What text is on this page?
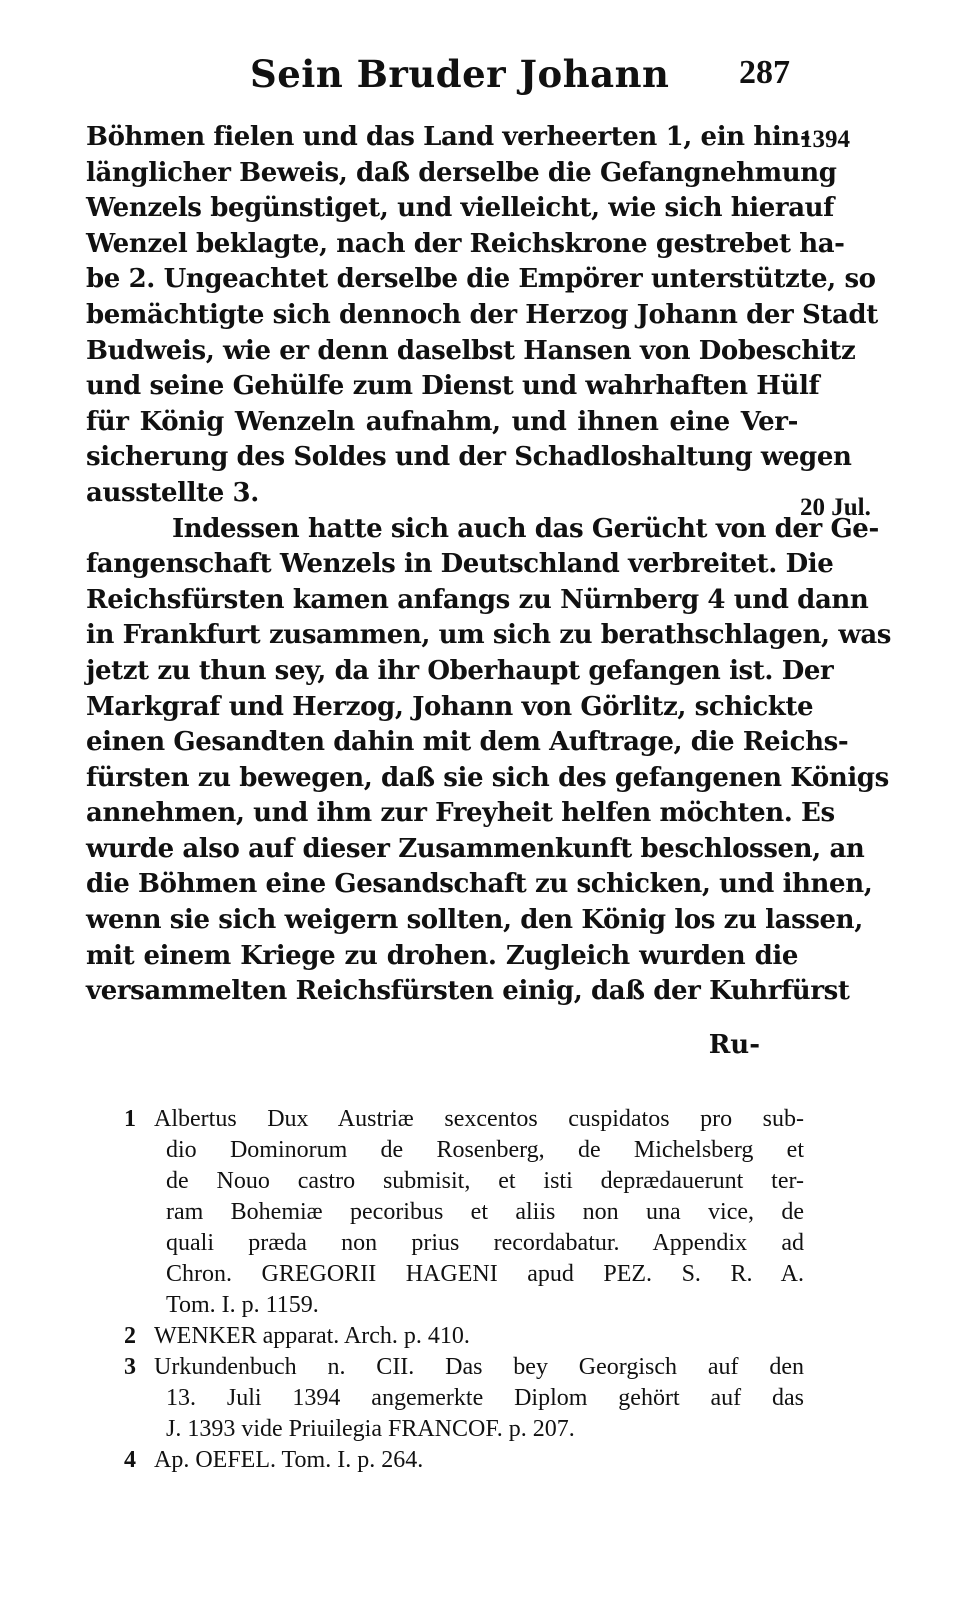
Sein Bruder Johann 287
1394
20 Jul.
Böhmen fielen und das Land verheerten 1, ein hin-
länglicher Beweis, daß derselbe die Gefangnehmung
Wenzels begünstiget, und vielleicht, wie sich hierauf
Wenzel beklagte, nach der Reichskrone gestrebet ha-
be 2. Ungeachtet derselbe die Empörer unterstützte, so
bemächtigte sich dennoch der Herzog Johann der Stadt
Budweis, wie er denn daselbst Hansen von Dobeschitz
und seine Gehülfe zum Dienst und wahrhaften Hülf
für König Wenzeln aufnahm, und ihnen eine Ver-
sicherung des Soldes und der Schadloshaltung wegen
ausstellte 3.
Indessen hatte sich auch das Gerücht von der Ge-
fangenschaft Wenzels in Deutschland verbreitet. Die
Reichsfürsten kamen anfangs zu Nürnberg 4 und dann
in Frankfurt zusammen, um sich zu berathschlagen, was
jetzt zu thun sey, da ihr Oberhaupt gefangen ist. Der
Markgraf und Herzog, Johann von Görlitz, schickte
einen Gesandten dahin mit dem Auftrage, die Reichs-
fürsten zu bewegen, daß sie sich des gefangenen Königs
annehmen, und ihm zur Freyheit helfen möchten. Es
wurde also auf dieser Zusammenkunft beschlossen, an
die Böhmen eine Gesandschaft zu schicken, und ihnen,
wenn sie sich weigern sollten, den König los zu lassen,
mit einem Kriege zu drohen. Zugleich wurden die
versammelten Reichsfürsten einig, daß der Kuhrfürst
Ru-
1 Albertus Dux Austriæ sexcentos cuspidatos pro sub-
dio Dominorum de Rosenberg, de Michelsberg et
de Nouo castro submisit, et isti deprædauerunt ter-
ram Bohemiæ pecoribus et aliis non una vice, de
quali præda non prius recordabatur. Appendix ad
Chron. GREGORII HAGENI apud PEZ. S. R. A.
Tom. I. p. 1159.
2 WENKER apparat. Arch. p. 410.
3 Urkundenbuch n. CII. Das bey Georgisch auf den
13. Juli 1394 angemerkte Diplom gehört auf das
J. 1393 vide Priuilegia FRANCOF. p. 207.
4 Ap. OEFEL. Tom. I. p. 264.
